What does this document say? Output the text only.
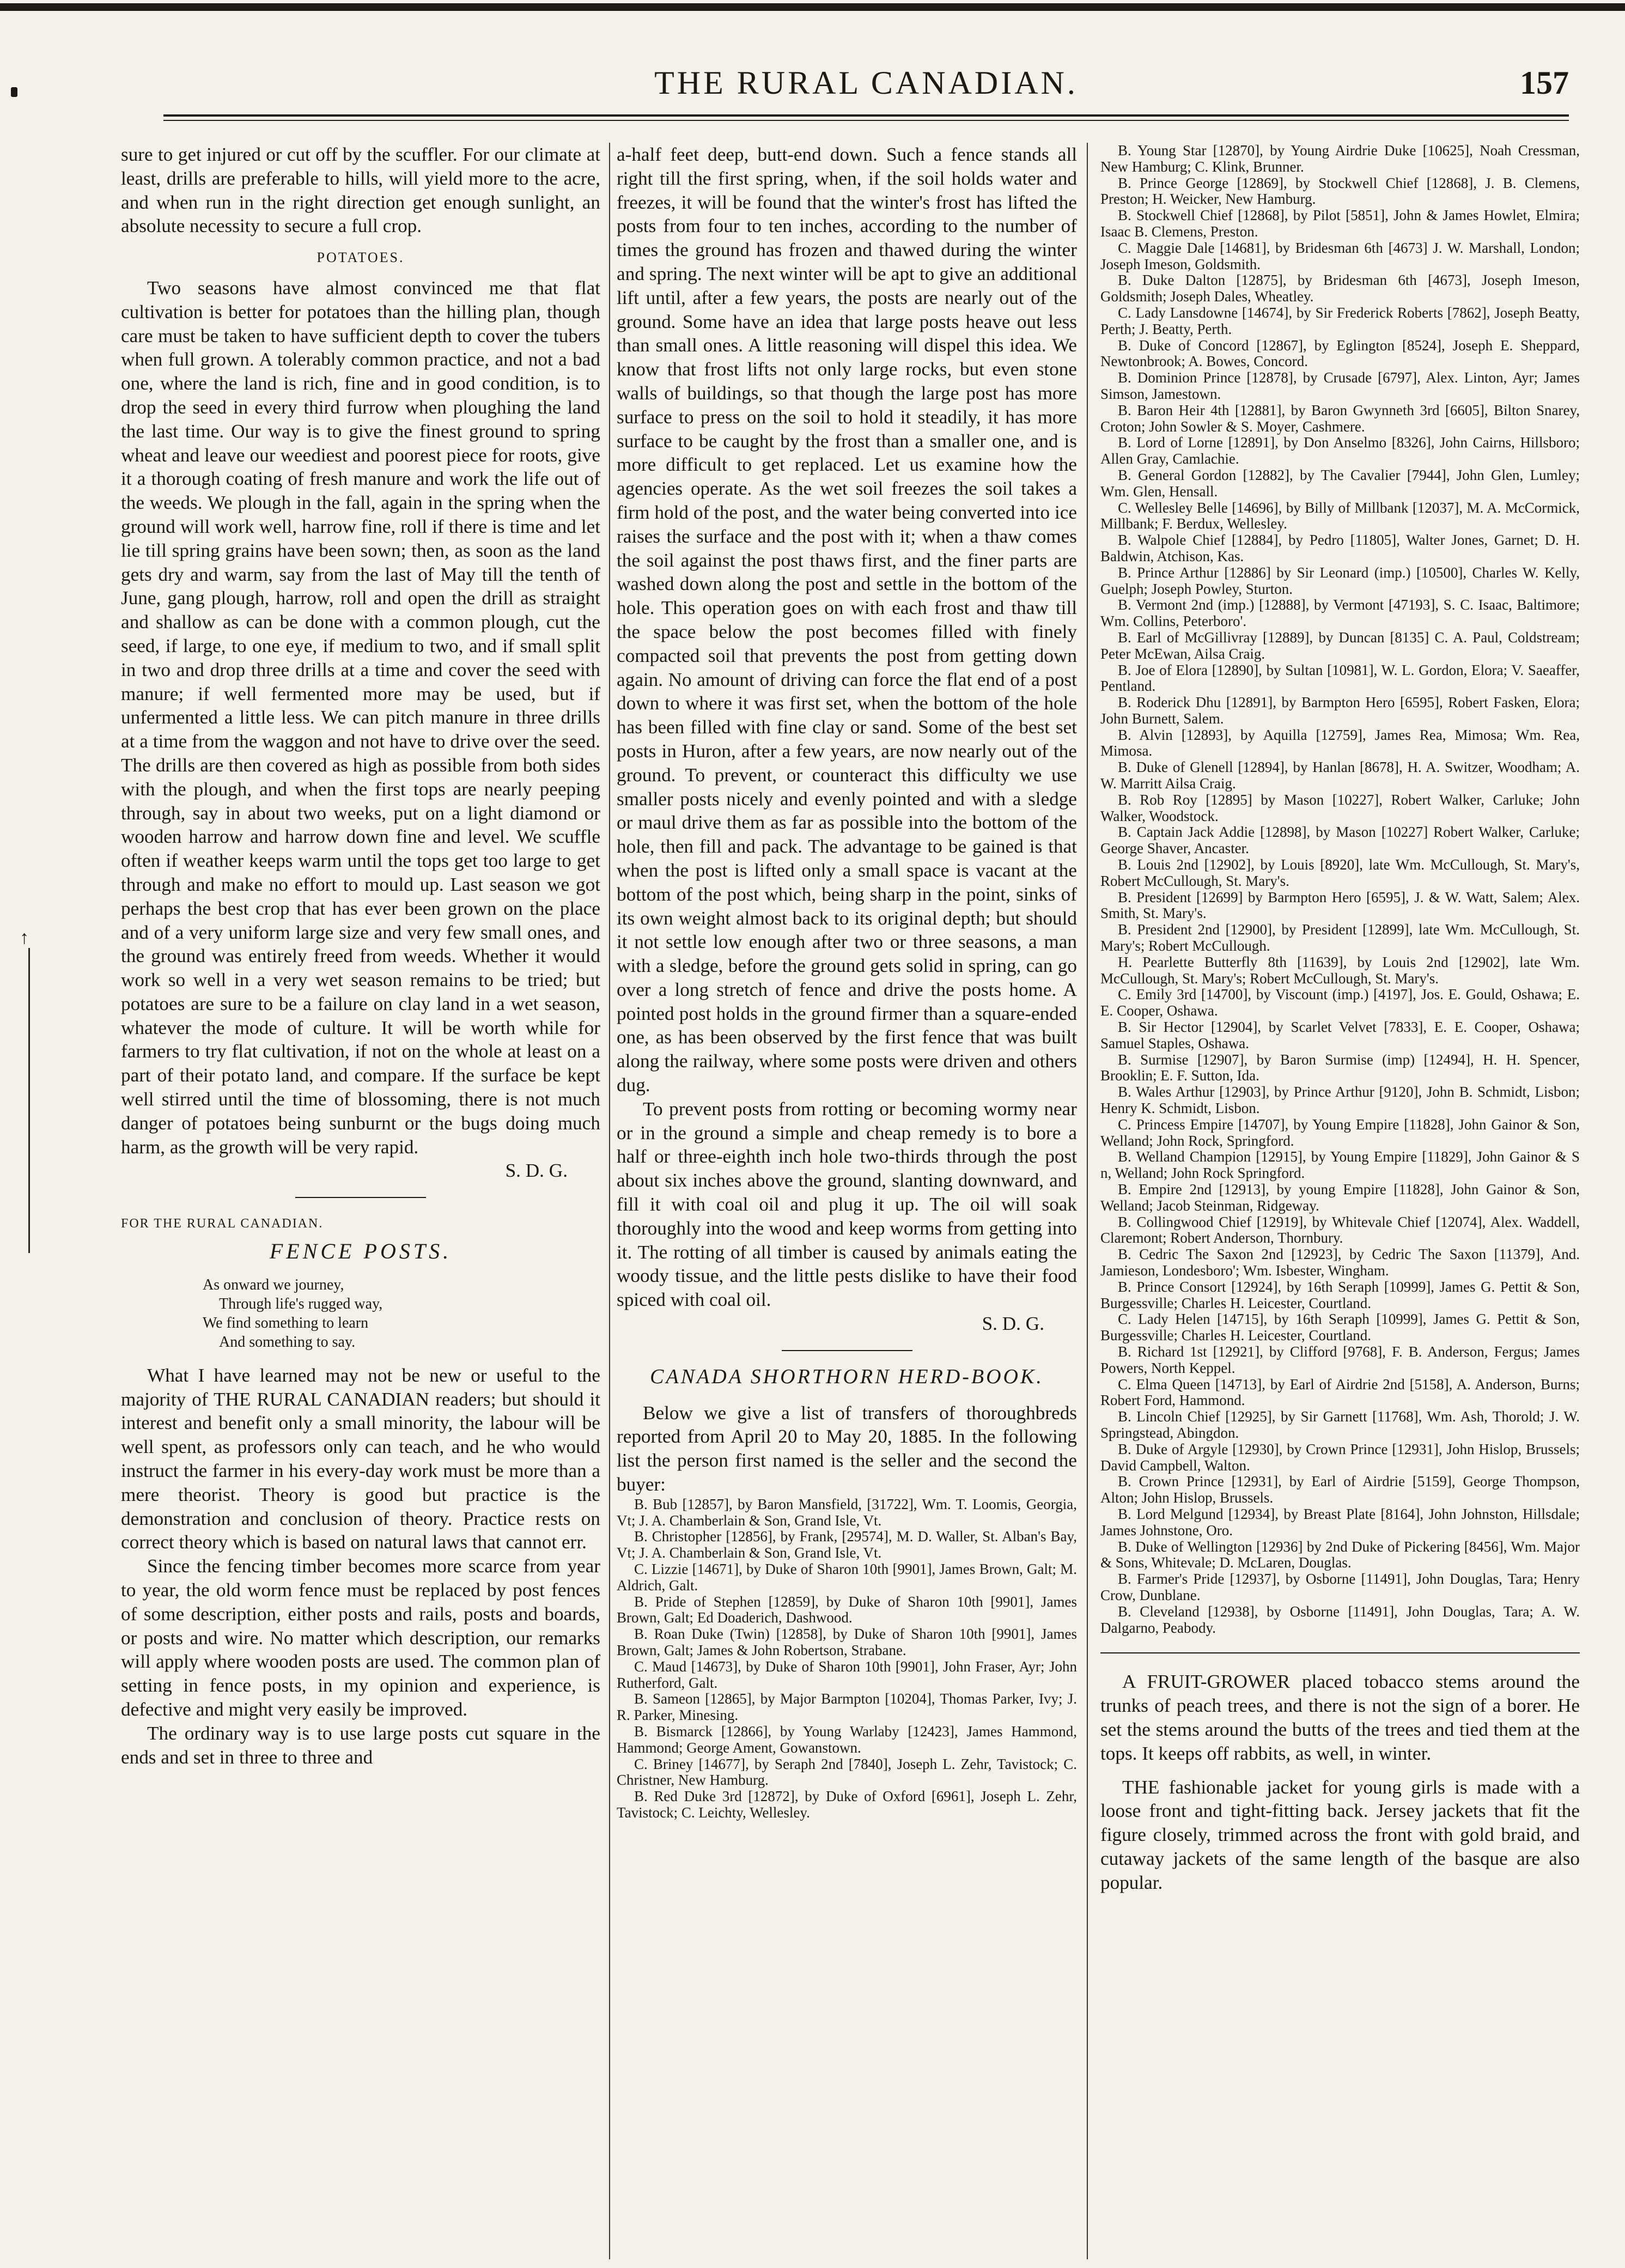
↑
THE RURAL CANADIAN.	157

sure to get injured or cut off by the scuffler. For our climate at least, drills are preferable to hills, will yield more to the acre, and when run in the right direction get enough sunlight, an absolute necessity to secure a full crop.

POTATOES.

Two seasons have almost convinced me that flat cultivation is better for potatoes than the hilling plan, though care must be taken to have sufficient depth to cover the tubers when full grown. A tolerably common practice, and not a bad one, where the land is rich, fine and in good condition, is to drop the seed in every third furrow when ploughing the land the last time. Our way is to give the finest ground to spring wheat and leave our weediest and poorest piece for roots, give it a thorough coating of fresh manure and work the life out of the weeds. We plough in the fall, again in the spring when the ground will work well, harrow fine, roll if there is time and let lie till spring grains have been sown; then, as soon as the land gets dry and warm, say from the last of May till the tenth of June, gang plough, harrow, roll and open the drill as straight and shallow as can be done with a common plough, cut the seed, if large, to one eye, if medium to two, and if small split in two and drop three drills at a time and cover the seed with manure; if well fermented more may be used, but if unfermented a little less. We can pitch manure in three drills at a time from the waggon and not have to drive over the seed. The drills are then covered as high as possible from both sides with the plough, and when the first tops are nearly peeping through, say in about two weeks, put on a light diamond or wooden harrow and harrow down fine and level. We scuffle often if weather keeps warm until the tops get too large to get through and make no effort to mould up. Last season we got perhaps the best crop that has ever been grown on the place and of a very uniform large size and very few small ones, and the ground was entirely freed from weeds. Whether it would work so well in a very wet season remains to be tried; but potatoes are sure to be a failure on clay land in a wet season, whatever the mode of culture. It will be worth while for farmers to try flat cultivation, if not on the whole at least on a part of their potato land, and compare. If the surface be kept well stirred until the time of blossoming, there is not much danger of potatoes being sunburnt or the bugs doing much harm, as the growth will be very rapid.

S. D. G.

FOR THE RURAL CANADIAN.
FENCE POSTS.
As onward we journey,
Through life's rugged way,
We find something to learn
And something to say.

What I have learned may not be new or useful to the majority of THE RURAL CANADIAN readers; but should it interest and benefit only a small minority, the labour will be well spent, as professors only can teach, and he who would instruct the farmer in his every-day work must be more than a mere theorist. Theory is good but practice is the demonstration and conclusion of theory. Practice rests on correct theory which is based on natural laws that cannot err.

Since the fencing timber becomes more scarce from year to year, the old worm fence must be replaced by post fences of some description, either posts and rails, posts and boards, or posts and wire. No matter which description, our remarks will apply where wooden posts are used. The common plan of setting in fence posts, in my opinion and experience, is defective and might very easily be improved.

The ordinary way is to use large posts cut square in the ends and set in three to three and

a-half feet deep, butt-end down. Such a fence stands all right till the first spring, when, if the soil holds water and freezes, it will be found that the winter's frost has lifted the posts from four to ten inches, according to the number of times the ground has frozen and thawed during the winter and spring. The next winter will be apt to give an additional lift until, after a few years, the posts are nearly out of the ground. Some have an idea that large posts heave out less than small ones. A little reasoning will dispel this idea. We know that frost lifts not only large rocks, but even stone walls of buildings, so that though the large post has more surface to press on the soil to hold it steadily, it has more surface to be caught by the frost than a smaller one, and is more difficult to get replaced. Let us examine how the agencies operate. As the wet soil freezes the soil takes a firm hold of the post, and the water being converted into ice raises the surface and the post with it; when a thaw comes the soil against the post thaws first, and the finer parts are washed down along the post and settle in the bottom of the hole. This operation goes on with each frost and thaw till the space below the post becomes filled with finely compacted soil that prevents the post from getting down again. No amount of driving can force the flat end of a post down to where it was first set, when the bottom of the hole has been filled with fine clay or sand. Some of the best set posts in Huron, after a few years, are now nearly out of the ground. To prevent, or counteract this difficulty we use smaller posts nicely and evenly pointed and with a sledge or maul drive them as far as possible into the bottom of the hole, then fill and pack. The advantage to be gained is that when the post is lifted only a small space is vacant at the bottom of the post which, being sharp in the point, sinks of its own weight almost back to its original depth; but should it not settle low enough after two or three seasons, a man with a sledge, before the ground gets solid in spring, can go over a long stretch of fence and drive the posts home. A pointed post holds in the ground firmer than a square-ended one, as has been observed by the first fence that was built along the railway, where some posts were driven and others dug.

To prevent posts from rotting or becoming wormy near or in the ground a simple and cheap remedy is to bore a half or three-eighth inch hole two-thirds through the post about six inches above the ground, slanting downward, and fill it with coal oil and plug it up. The oil will soak thoroughly into the wood and keep worms from getting into it. The rotting of all timber is caused by animals eating the woody tissue, and the little pests dislike to have their food spiced with coal oil.

S. D. G.

CANADA SHORTHORN HERD-BOOK.

Below we give a list of transfers of thoroughbreds reported from April 20 to May 20, 1885. In the following list the person first named is the seller and the second the buyer:

B. Bub [12857], by Baron Mansfield, [31722], Wm. T. Loomis, Georgia, Vt; J. A. Chamberlain & Son, Grand Isle, Vt.
B. Christopher [12856], by Frank, [29574], M. D. Waller, St. Alban's Bay, Vt; J. A. Chamberlain & Son, Grand Isle, Vt.
C. Lizzie [14671], by Duke of Sharon 10th [9901], James Brown, Galt; M. Aldrich, Galt.
B. Pride of Stephen [12859], by Duke of Sharon 10th [9901], James Brown, Galt; Ed Doaderich, Dashwood.
B. Roan Duke (Twin) [12858], by Duke of Sharon 10th [9901], James Brown, Galt; James & John Robertson, Strabane.
C. Maud [14673], by Duke of Sharon 10th [9901], John Fraser, Ayr; John Rutherford, Galt.
B. Sameon [12865], by Major Barmpton [10204], Thomas Parker, Ivy; J. R. Parker, Minesing.
B. Bismarck [12866], by Young Warlaby [12423], James Hammond, Hammond; George Ament, Gowanstown.
C. Briney [14677], by Seraph 2nd [7840], Joseph L. Zehr, Tavistock; C. Christner, New Hamburg.
B. Red Duke 3rd [12872], by Duke of Oxford [6961], Joseph L. Zehr, Tavistock; C. Leichty, Wellesley.
B. Young Star [12870], by Young Airdrie Duke [10625], Noah Cressman, New Hamburg; C. Klink, Brunner.
B. Prince George [12869], by Stockwell Chief [12868], J. B. Clemens, Preston; H. Weicker, New Hamburg.
B. Stockwell Chief [12868], by Pilot [5851], John & James Howlet, Elmira; Isaac B. Clemens, Preston.
C. Maggie Dale [14681], by Bridesman 6th [4673] J. W. Marshall, London; Joseph Imeson, Goldsmith.
B. Duke Dalton [12875], by Bridesman 6th [4673], Joseph Imeson, Goldsmith; Joseph Dales, Wheatley.
C. Lady Lansdowne [14674], by Sir Frederick Roberts [7862], Joseph Beatty, Perth; J. Beatty, Perth.
B. Duke of Concord [12867], by Eglington [8524], Joseph E. Sheppard, Newtonbrook; A. Bowes, Concord.
B. Dominion Prince [12878], by Crusade [6797], Alex. Linton, Ayr; James Simson, Jamestown.
B. Baron Heir 4th [12881], by Baron Gwynneth 3rd [6605], Bilton Snarey, Croton; John Sowler & S. Moyer, Cashmere.
B. Lord of Lorne [12891], by Don Anselmo [8326], John Cairns, Hillsboro; Allen Gray, Camlachie.
B. General Gordon [12882], by The Cavalier [7944], John Glen, Lumley; Wm. Glen, Hensall.
C. Wellesley Belle [14696], by Billy of Millbank [12037], M. A. McCormick, Millbank; F. Berdux, Wellesley.
B. Walpole Chief [12884], by Pedro [11805], Walter Jones, Garnet; D. H. Baldwin, Atchison, Kas.
B. Prince Arthur [12886] by Sir Leonard (imp.) [10500], Charles W. Kelly, Guelph; Joseph Powley, Sturton.
B. Vermont 2nd (imp.) [12888], by Vermont [47193], S. C. Isaac, Baltimore; Wm. Collins, Peterboro'.
B. Earl of McGillivray [12889], by Duncan [8135] C. A. Paul, Coldstream; Peter McEwan, Ailsa Craig.
B. Joe of Elora [12890], by Sultan [10981], W. L. Gordon, Elora; V. Saeaffer, Pentland.
B. Roderick Dhu [12891], by Barmpton Hero [6595], Robert Fasken, Elora; John Burnett, Salem.
B. Alvin [12893], by Aquilla [12759], James Rea, Mimosa; Wm. Rea, Mimosa.
B. Duke of Glenell [12894], by Hanlan [8678], H. A. Switzer, Woodham; A. W. Marritt Ailsa Craig.
B. Rob Roy [12895] by Mason [10227], Robert Walker, Carluke; John Walker, Woodstock.
B. Captain Jack Addie [12898], by Mason [10227] Robert Walker, Carluke; George Shaver, Ancaster.
B. Louis 2nd [12902], by Louis [8920], late Wm. McCullough, St. Mary's, Robert McCullough, St. Mary's.
B. President [12699] by Barmpton Hero [6595], J. & W. Watt, Salem; Alex. Smith, St. Mary's.
B. President 2nd [12900], by President [12899], late Wm. McCullough, St. Mary's; Robert McCullough.
H. Pearlette Butterfly 8th [11639], by Louis 2nd [12902], late Wm. McCullough, St. Mary's; Robert McCullough, St. Mary's.
C. Emily 3rd [14700], by Viscount (imp.) [4197], Jos. E. Gould, Oshawa; E. E. Cooper, Oshawa.
B. Sir Hector [12904], by Scarlet Velvet [7833], E. E. Cooper, Oshawa; Samuel Staples, Oshawa.
B. Surmise [12907], by Baron Surmise (imp) [12494], H. H. Spencer, Brooklin; E. F. Sutton, Ida.
B. Wales Arthur [12903], by Prince Arthur [9120], John B. Schmidt, Lisbon; Henry K. Schmidt, Lisbon.
C. Princess Empire [14707], by Young Empire [11828], John Gainor & Son, Welland; John Rock, Springford.
B. Welland Champion [12915], by Young Empire [11829], John Gainor & S n, Welland; John Rock Springford.
B. Empire 2nd [12913], by young Empire [11828], John Gainor & Son, Welland; Jacob Steinman, Ridgeway.
B. Collingwood Chief [12919], by Whitevale Chief [12074], Alex. Waddell, Claremont; Robert Anderson, Thornbury.
B. Cedric The Saxon 2nd [12923], by Cedric The Saxon [11379], And. Jamieson, Londesboro'; Wm. Isbester, Wingham.
B. Prince Consort [12924], by 16th Seraph [10999], James G. Pettit & Son, Burgessville; Charles H. Leicester, Courtland.
C. Lady Helen [14715], by 16th Seraph [10999], James G. Pettit & Son, Burgessville; Charles H. Leicester, Courtland.
B. Richard 1st [12921], by Clifford [9768], F. B. Anderson, Fergus; James Powers, North Keppel.
C. Elma Queen [14713], by Earl of Airdrie 2nd [5158], A. Anderson, Burns; Robert Ford, Hammond.
B. Lincoln Chief [12925], by Sir Garnett [11768], Wm. Ash, Thorold; J. W. Springstead, Abingdon.
B. Duke of Argyle [12930], by Crown Prince [12931], John Hislop, Brussels; David Campbell, Walton.
B. Crown Prince [12931], by Earl of Airdrie [5159], George Thompson, Alton; John Hislop, Brussels.
B. Lord Melgund [12934], by Breast Plate [8164], John Johnston, Hillsdale; James Johnstone, Oro.
B. Duke of Wellington [12936] by 2nd Duke of Pickering [8456], Wm. Major & Sons, Whitevale; D. McLaren, Douglas.
B. Farmer's Pride [12937], by Osborne [11491], John Douglas, Tara; Henry Crow, Dunblane.
B. Cleveland [12938], by Osborne [11491], John Douglas, Tara; A. W. Dalgarno, Peabody.

A FRUIT-GROWER placed tobacco stems around the trunks of peach trees, and there is not the sign of a borer. He set the stems around the butts of the trees and tied them at the tops. It keeps off rabbits, as well, in winter.

THE fashionable jacket for young girls is made with a loose front and tight-fitting back. Jersey jackets that fit the figure closely, trimmed across the front with gold braid, and cutaway jackets of the same length of the basque are also popular.
